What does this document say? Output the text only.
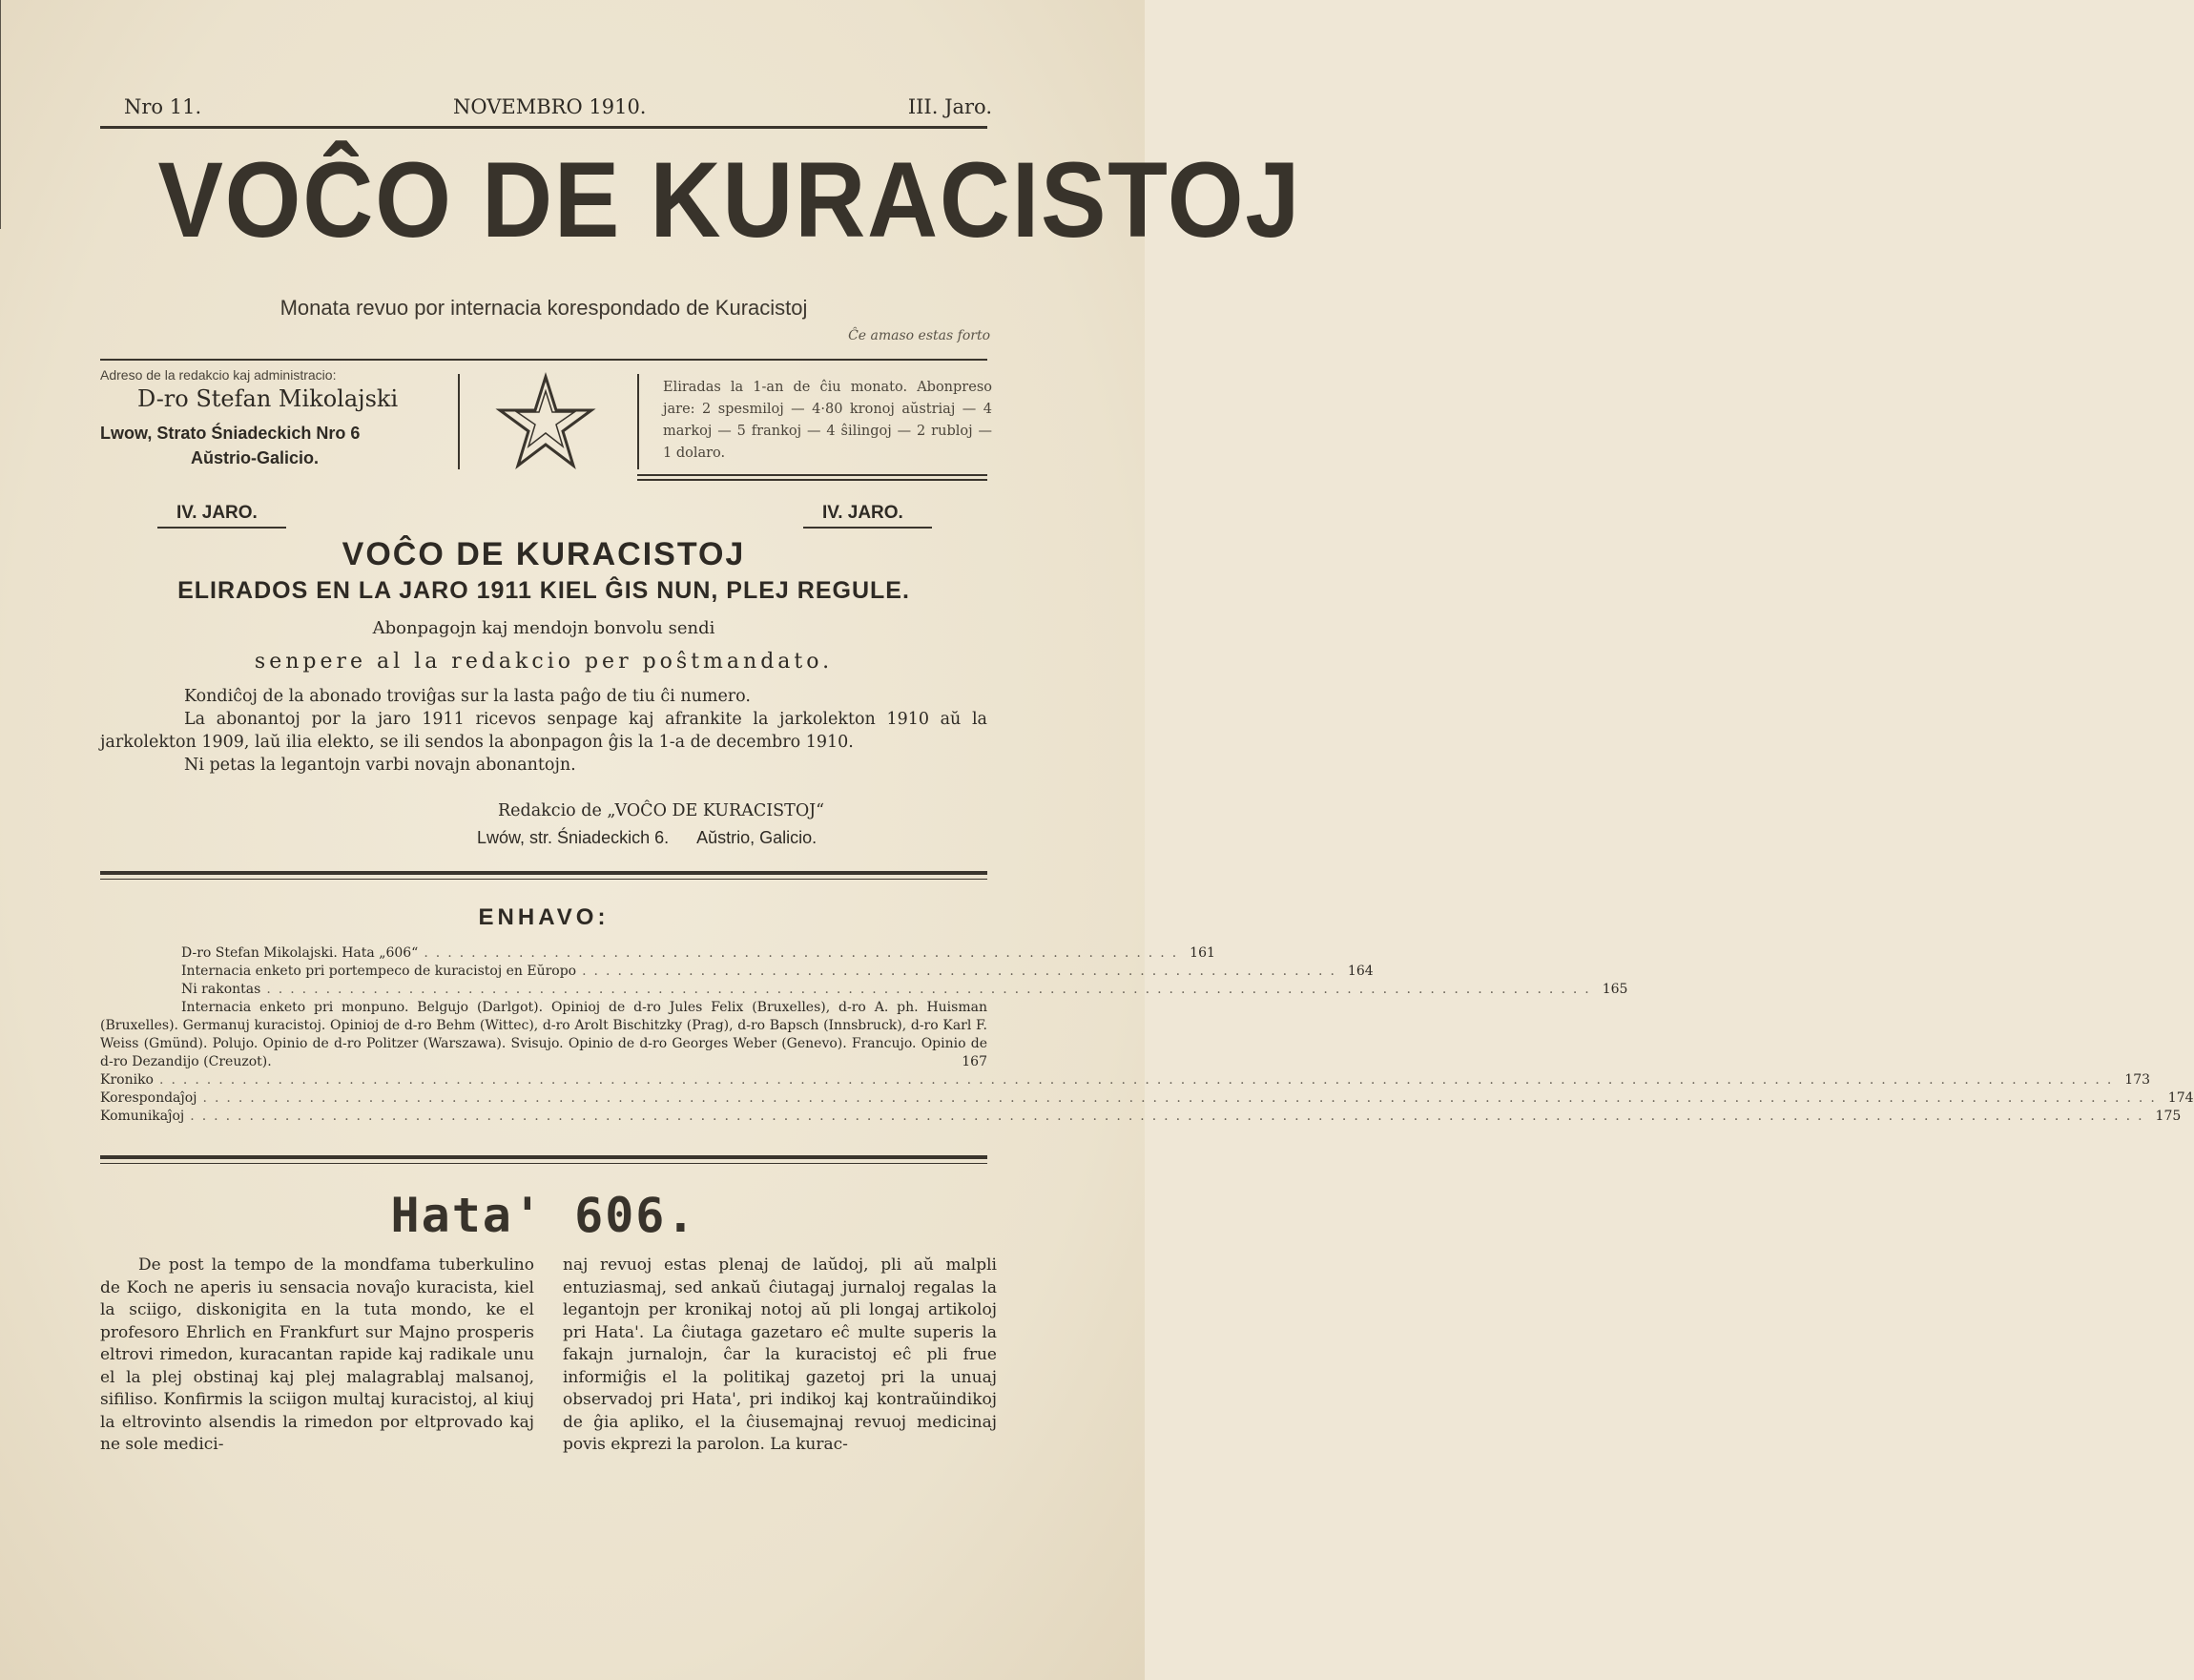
Nro 11.	NOVEMBRO 1910.	III. Jaro.
VOĈO DE KURACISTOJ
Monata revuo por internacia korespondado de Kuracistoj
Ĉe amaso estas forto
Adreso de la redakcio kaj administracio:
D-ro Stefan Mikolajski
Lwow, Strato Śniadeckich Nro 6
Aŭstrio-Galicio.
Eliradas la 1-an de ĉiu monato. Abonpreso jare: 2 spesmiloj — 4·80 kronoj aŭstriaj — 4 markoj — 5 frankoj — 4 ŝilingoj — 2 rubloj — 1 dolaro.
IV. JARO.	IV. JARO.
VOĈO DE KURACISTOJ
ELIRADOS EN LA JARO 1911 KIEL ĜIS NUN, PLEJ REGULE.
Abonpagojn kaj mendojn bonvolu sendi
senpere al la redakcio per poŝtmandato.

Kondiĉoj de la abonado troviĝas sur la lasta paĝo de tiu ĉi numero.

La abonantoj por la jaro 1911 ricevos senpage kaj afrankite la jarkolekton 1910 aŭ la jarkolekton 1909, laŭ ilia elekto, se ili sendos la abonpagon ĝis la 1-a de decembro 1910.

Ni petas la legantojn varbi novajn abonantojn.

Redakcio de „VOĈO DE KURACISTOJ“
Lwów, str. Śniadeckich 6.      Aŭstrio, Galicio.
ENHAVO:
D-ro Stefan Mikolajski. Hata „606“ ................................................................ 161
Internacia enketo pri portempeco de kuracistoj en Eŭropo ................................................................ 164
Ni rakontas ................................................................................................................ 165
Internacia enketo pri monpuno. Belgujo (Darlgot). Opinioj de d-ro Jules Felix (Bruxelles), d-ro A. ph. Huisman (Bruxelles). Germanuj kuracistoj. Opinioj de d-ro Behm (Wittec), d-ro Arolt Bischitzky (Prag), d-ro Bapsch (Innsbruck), d-ro Karl F. Weiss (Gmünd). Polujo. Opinio de d-ro Politzer (Warszawa). Svisujo. Opinio de d-ro Georges Weber (Genevo). Francujo. Opinio de d-ro Dezandijo (Creuzot).	167
Kroniko ..................................................................................................................................................................... 173
Korespondaĵoj ..................................................................................................................................................................... 174
Komunikaĵoj ..................................................................................................................................................................... 175
Hata' 606.

De post la tempo de la mondfama tuberkulino de Koch ne aperis iu sensacia novaĵo kuracista, kiel la sciigo, diskonigita en la tuta mondo, ke el profesoro Ehrlich en Frankfurt sur Majno prosperis eltrovi rimedon, kuracantan rapide kaj radikale unu el la plej obstinaj kaj plej malagrablaj malsanoj, sifiliso. Konfirmis la sciigon multaj kuracistoj, al kiuj la eltrovinto alsendis la rimedon por eltprovado kaj ne sole medici-

naj revuoj estas plenaj de laŭdoj, pli aŭ malpli entuziasmaj, sed ankaŭ ĉiutagaj jurnaloj regalas la legantojn per kronikaj notoj aŭ pli longaj artikoloj pri Hata'. La ĉiutaga gazetaro eĉ multe superis la fakajn jurnalojn, ĉar la kuracistoj eĉ pli frue informiĝis el la politikaj gazetoj pri la unuaj observadoj pri Hata', pri indikoj kaj kontraŭindikoj de ĝia apliko, el la ĉiusemajnaj revuoj medicinaj povis ekprezi la parolon. La kurac-
